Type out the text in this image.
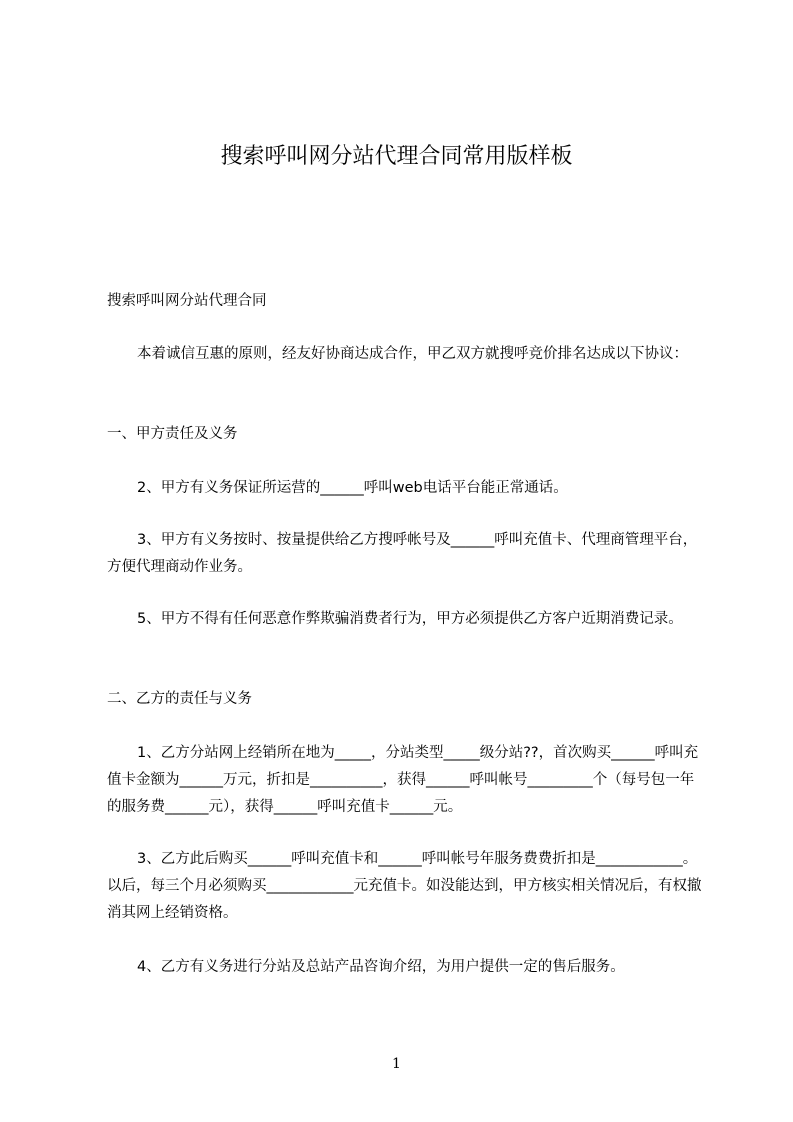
搜索呼叫网分站代理合同常用版样板

搜索呼叫网分站代理合同

本着诚信互惠的原则，经友好协商达成合作，甲乙双方就搜呼竞价排名达成以下协议：

一、甲方责任及义务

2、甲方有义务保证所运营的______呼叫web电话平台能正常通话。

3、甲方有义务按时、按量提供给乙方搜呼帐号及______呼叫充值卡、代理商管理平台，方便代理商动作业务。

5、甲方不得有任何恶意作弊欺骗消费者行为，甲方必须提供乙方客户近期消费记录。

二、乙方的责任与义务

1、乙方分站网上经销所在地为_____，分站类型_____级分站??，首次购买______呼叫充值卡金额为______万元，折扣是__________，获得______呼叫帐号_________个（每号包一年的服务费______元），获得______呼叫充值卡______元。

3、乙方此后购买______呼叫充值卡和______呼叫帐号年服务费费折扣是____________。以后，每三个月必须购买____________元充值卡。如没能达到，甲方核实相关情况后，有权撤消其网上经销资格。

4、乙方有义务进行分站及总站产品咨询介绍，为用户提供一定的售后服务。

1
